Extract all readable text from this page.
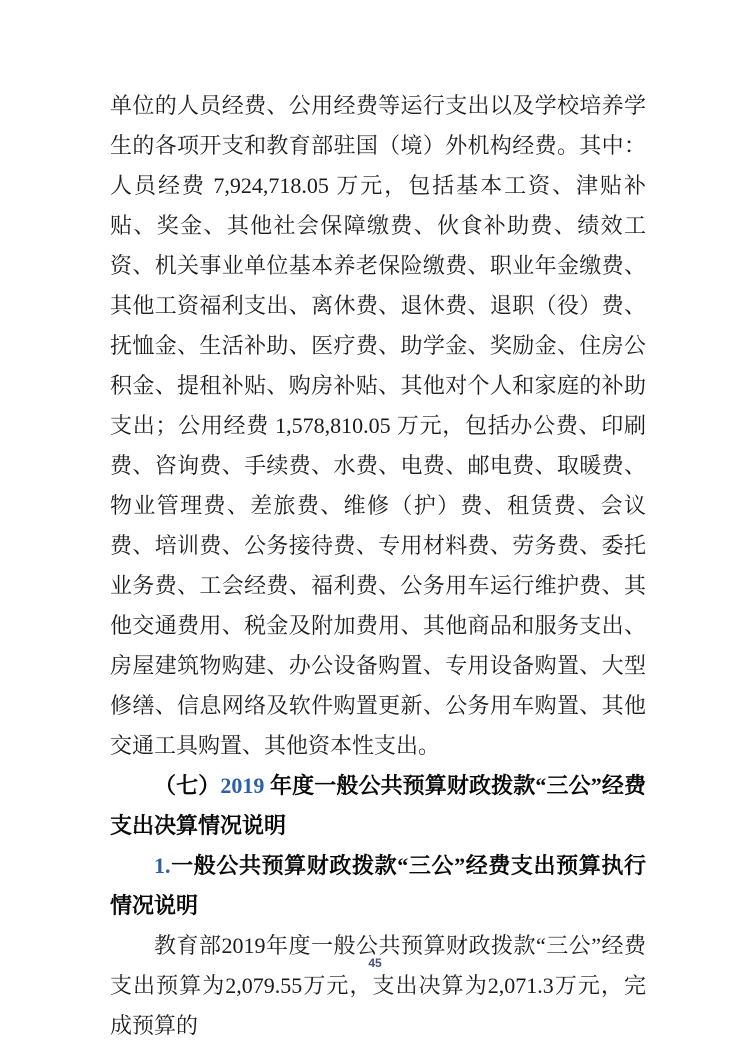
单位的人员经费、公用经费等运行支出以及学校培养学生的各项开支和教育部驻国（境）外机构经费。其中：人员经费 7,924,718.05 万元，包括基本工资、津贴补贴、奖金、其他社会保障缴费、伙食补助费、绩效工资、机关事业单位基本养老保险缴费、职业年金缴费、其他工资福利支出、离休费、退休费、退职（役）费、抚恤金、生活补助、医疗费、助学金、奖励金、住房公积金、提租补贴、购房补贴、其他对个人和家庭的补助支出；公用经费 1,578,810.05 万元，包括办公费、印刷费、咨询费、手续费、水费、电费、邮电费、取暖费、物业管理费、差旅费、维修（护）费、租赁费、会议费、培训费、公务接待费、专用材料费、劳务费、委托业务费、工会经费、福利费、公务用车运行维护费、其他交通费用、税金及附加费用、其他商品和服务支出、房屋建筑物购建、办公设备购置、专用设备购置、大型修缮、信息网络及软件购置更新、公务用车购置、其他交通工具购置、其他资本性支出。

（七）2019 年度一般公共预算财政拨款“三公”经费支出决算情况说明

1.一般公共预算财政拨款“三公”经费支出预算执行情况说明

教育部2019年度一般公共预算财政拨款“三公”经费支出预算为2,079.55万元，支出决算为2,071.3万元，完成预算的

45
